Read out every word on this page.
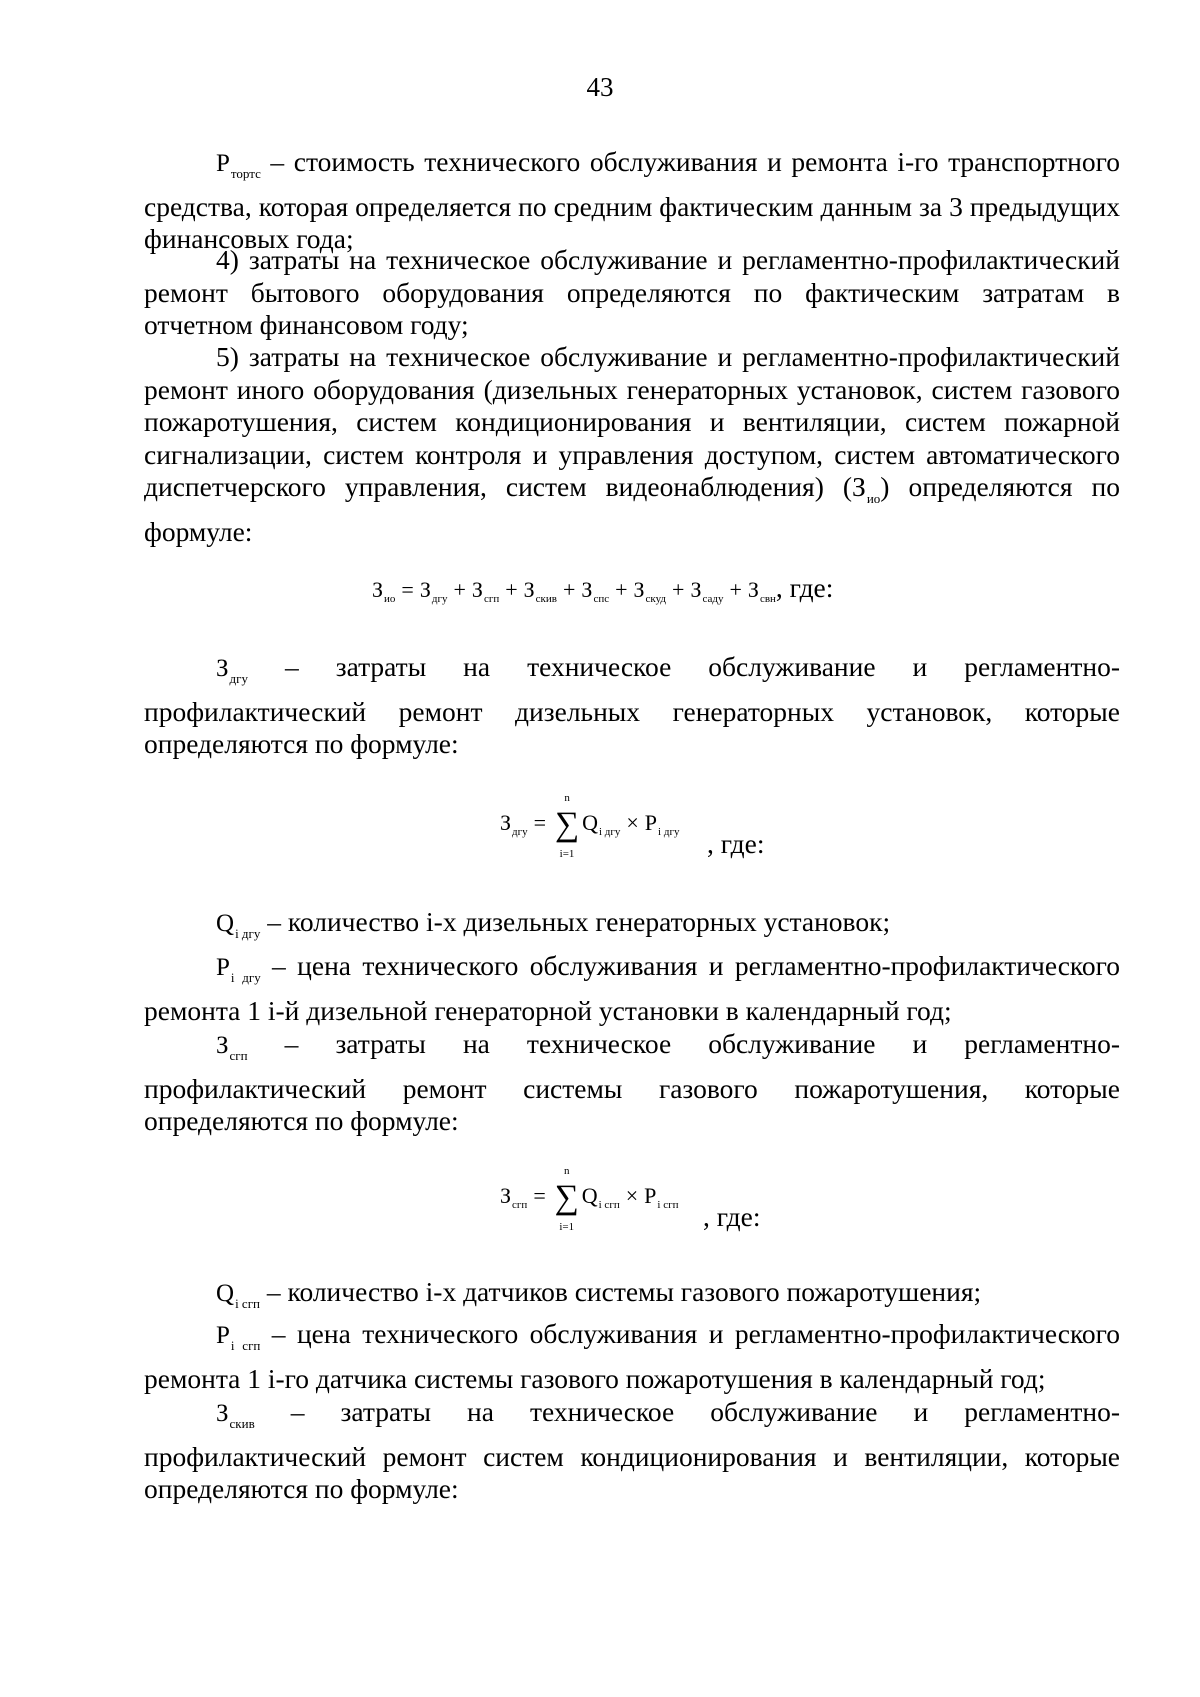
43
$P_{тортс}$ – стоимость технического обслуживания и ремонта i-го транспортного средства, которая определяется по средним фактическим данным за 3 предыдущих финансовых года;
4) затраты на техническое обслуживание и регламентно-профилактический ремонт бытового оборудования определяются по фактическим затратам в отчетном финансовом году;
5) затраты на техническое обслуживание и регламентно-профилактический ремонт иного оборудования (дизельных генераторных установок, систем газового пожаротушения, систем кондиционирования и вентиляции, систем пожарной сигнализации, систем контроля и управления доступом, систем автоматического диспетчерского управления, систем видеонаблюдения) $(З_{ио})$ определяются по формуле:
$З_{ио} = З_{дгу} + З_{сгп} + З_{скив} + З_{спс} + З_{скуд} + З_{саду} + З_{свн}$, где:
$З_{дгу}$ – затраты на техническое обслуживание и регламентно-профилактический ремонт дизельных генераторных установок, которые определяются по формуле:
$З_{дгу}$ =
n
∑
i=1
$Q_{i дгу} \times P_{i дгу}$ , где:
$Q_{i дгу}$ – количество i-х дизельных генераторных установок;
$P_{i дгу}$ – цена технического обслуживания и регламентно-профилактического ремонта 1 i-й дизельной генераторной установки в календарный год;
$З_{сгп}$ – затраты на техническое обслуживание и регламентно-профилактический ремонт системы газового пожаротушения, которые определяются по формуле:
$З_{сгп}$ =
n
∑
i=1
$Q_{i сгп} \times P_{i сгп}$ , где:
$Q_{i сгп}$ – количество i-х датчиков системы газового пожаротушения;
$P_{i сгп}$ – цена технического обслуживания и регламентно-профилактического ремонта 1 i-го датчика системы газового пожаротушения в календарный год;
$З_{скив}$ – затраты на техническое обслуживание и регламентно-профилактический ремонт систем кондиционирования и вентиляции, которые определяются по формуле:
